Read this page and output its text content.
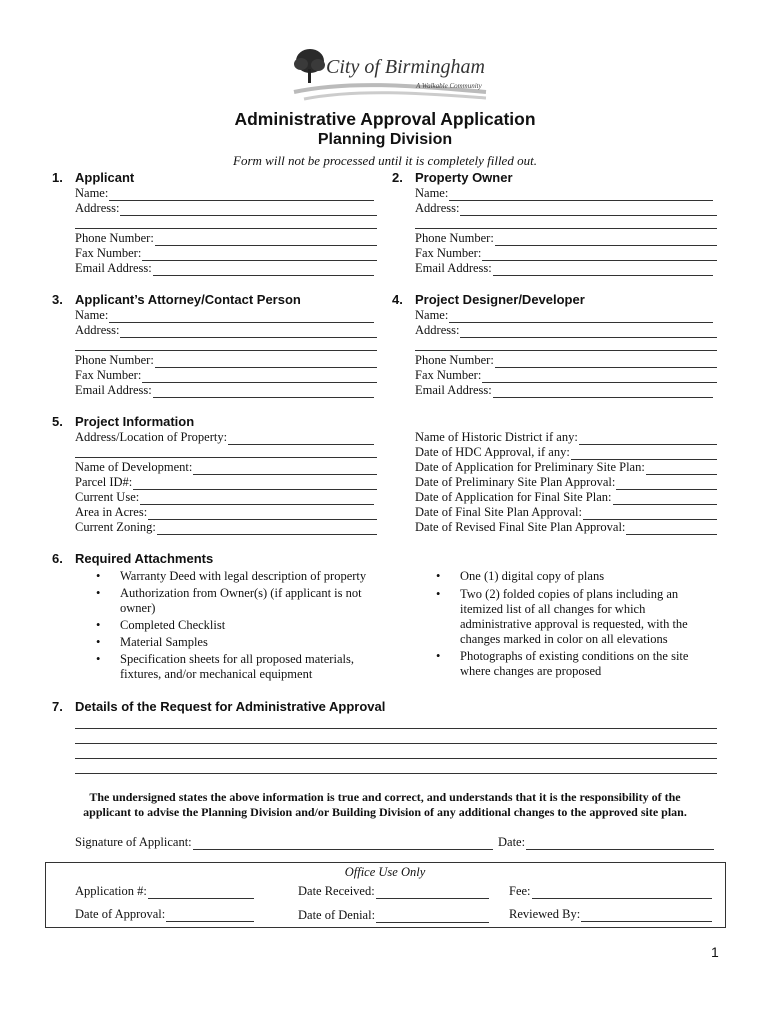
City of Birmingham
A Walkable Community
Administrative Approval Application
Planning Division
Form will not be processed until it is completely filled out.
1. Applicant
Name:
Address:
Phone Number:
Fax Number:
Email Address:
2. Property Owner
Name:
Address:
Phone Number:
Fax Number:
Email Address:
3. Applicant’s Attorney/Contact Person
Name:
Address:
Phone Number:
Fax Number:
Email Address:
4. Project Designer/Developer
Name:
Address:
Phone Number:
Fax Number:
Email Address:
5. Project Information
Address/Location of Property:
Name of Development:
Parcel ID#:
Current Use:
Area in Acres:
Current Zoning:
Name of Historic District if any:
Date of HDC Approval, if any:
Date of Application for Preliminary Site Plan:
Date of Preliminary Site Plan Approval:
Date of Application for Final Site Plan:
Date of Final Site Plan Approval:
Date of Revised Final Site Plan Approval:
6. Required Attachments
• Warranty Deed with legal description of property
• Authorization from Owner(s) (if applicant is not
owner)
• Completed Checklist
• Material Samples
• Specification sheets for all proposed materials,
fixtures, and/or mechanical equipment
• One (1) digital copy of plans
• Two (2) folded copies of plans including an
itemized list of all changes for which
administrative approval is requested, with the
changes marked in color on all elevations
• Photographs of existing conditions on the site
where changes are proposed
7. Details of the Request for Administrative Approval
The undersigned states the above information is true and correct, and understands that it is the responsibility of the
applicant to advise the Planning Division and/or Building Division of any additional changes to the approved site plan.
Signature of Applicant:	Date:
Office Use Only
Application #:	Date Received:	Fee:
Date of Approval:	Date of Denial:	Reviewed By:
1
